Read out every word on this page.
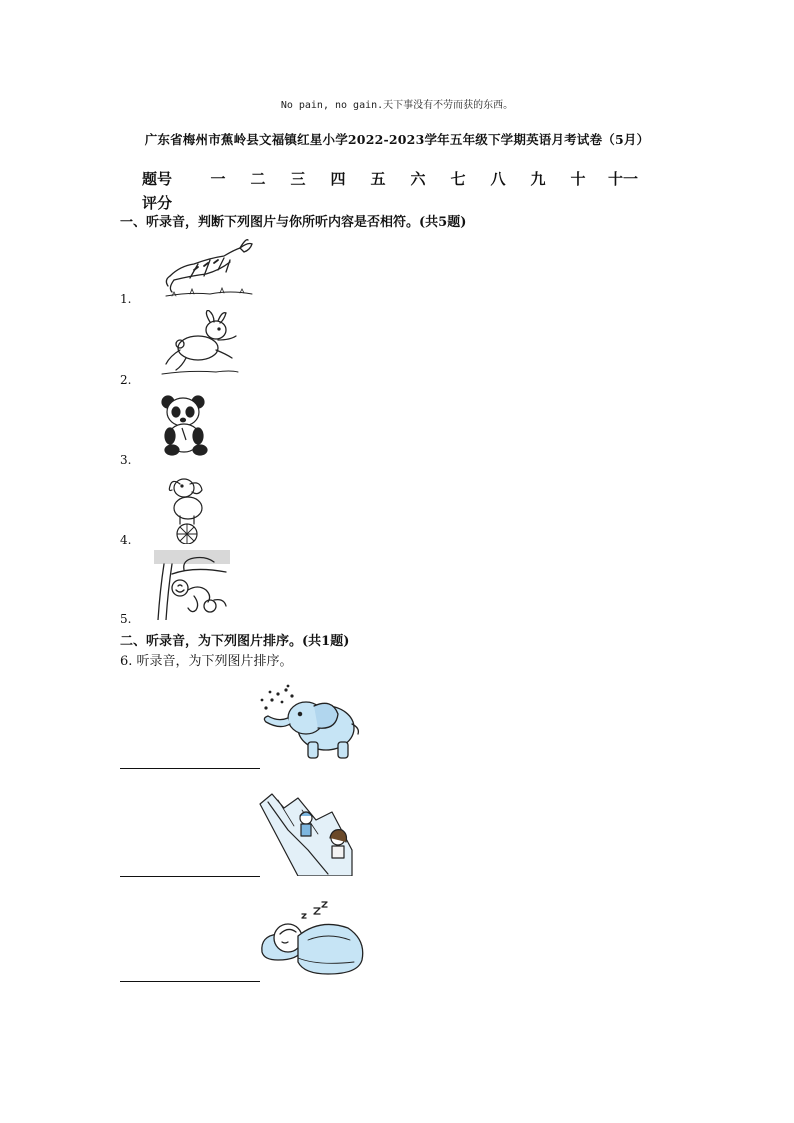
No pain, no gain.天下事没有不劳而获的东西。
广东省梅州市蕉岭县文福镇红星小学2022-2023学年五年级下学期英语月考试卷（5月）
题号	一	二	三	四	五	六	七	八	九	十	十一
评分
一、听录音，判断下列图片与你所听内容是否相符。(共5题)
1.
2.
3.
4.
5.
二、听录音，为下列图片排序。(共1题)
6. 听录音，为下列图片排序。
